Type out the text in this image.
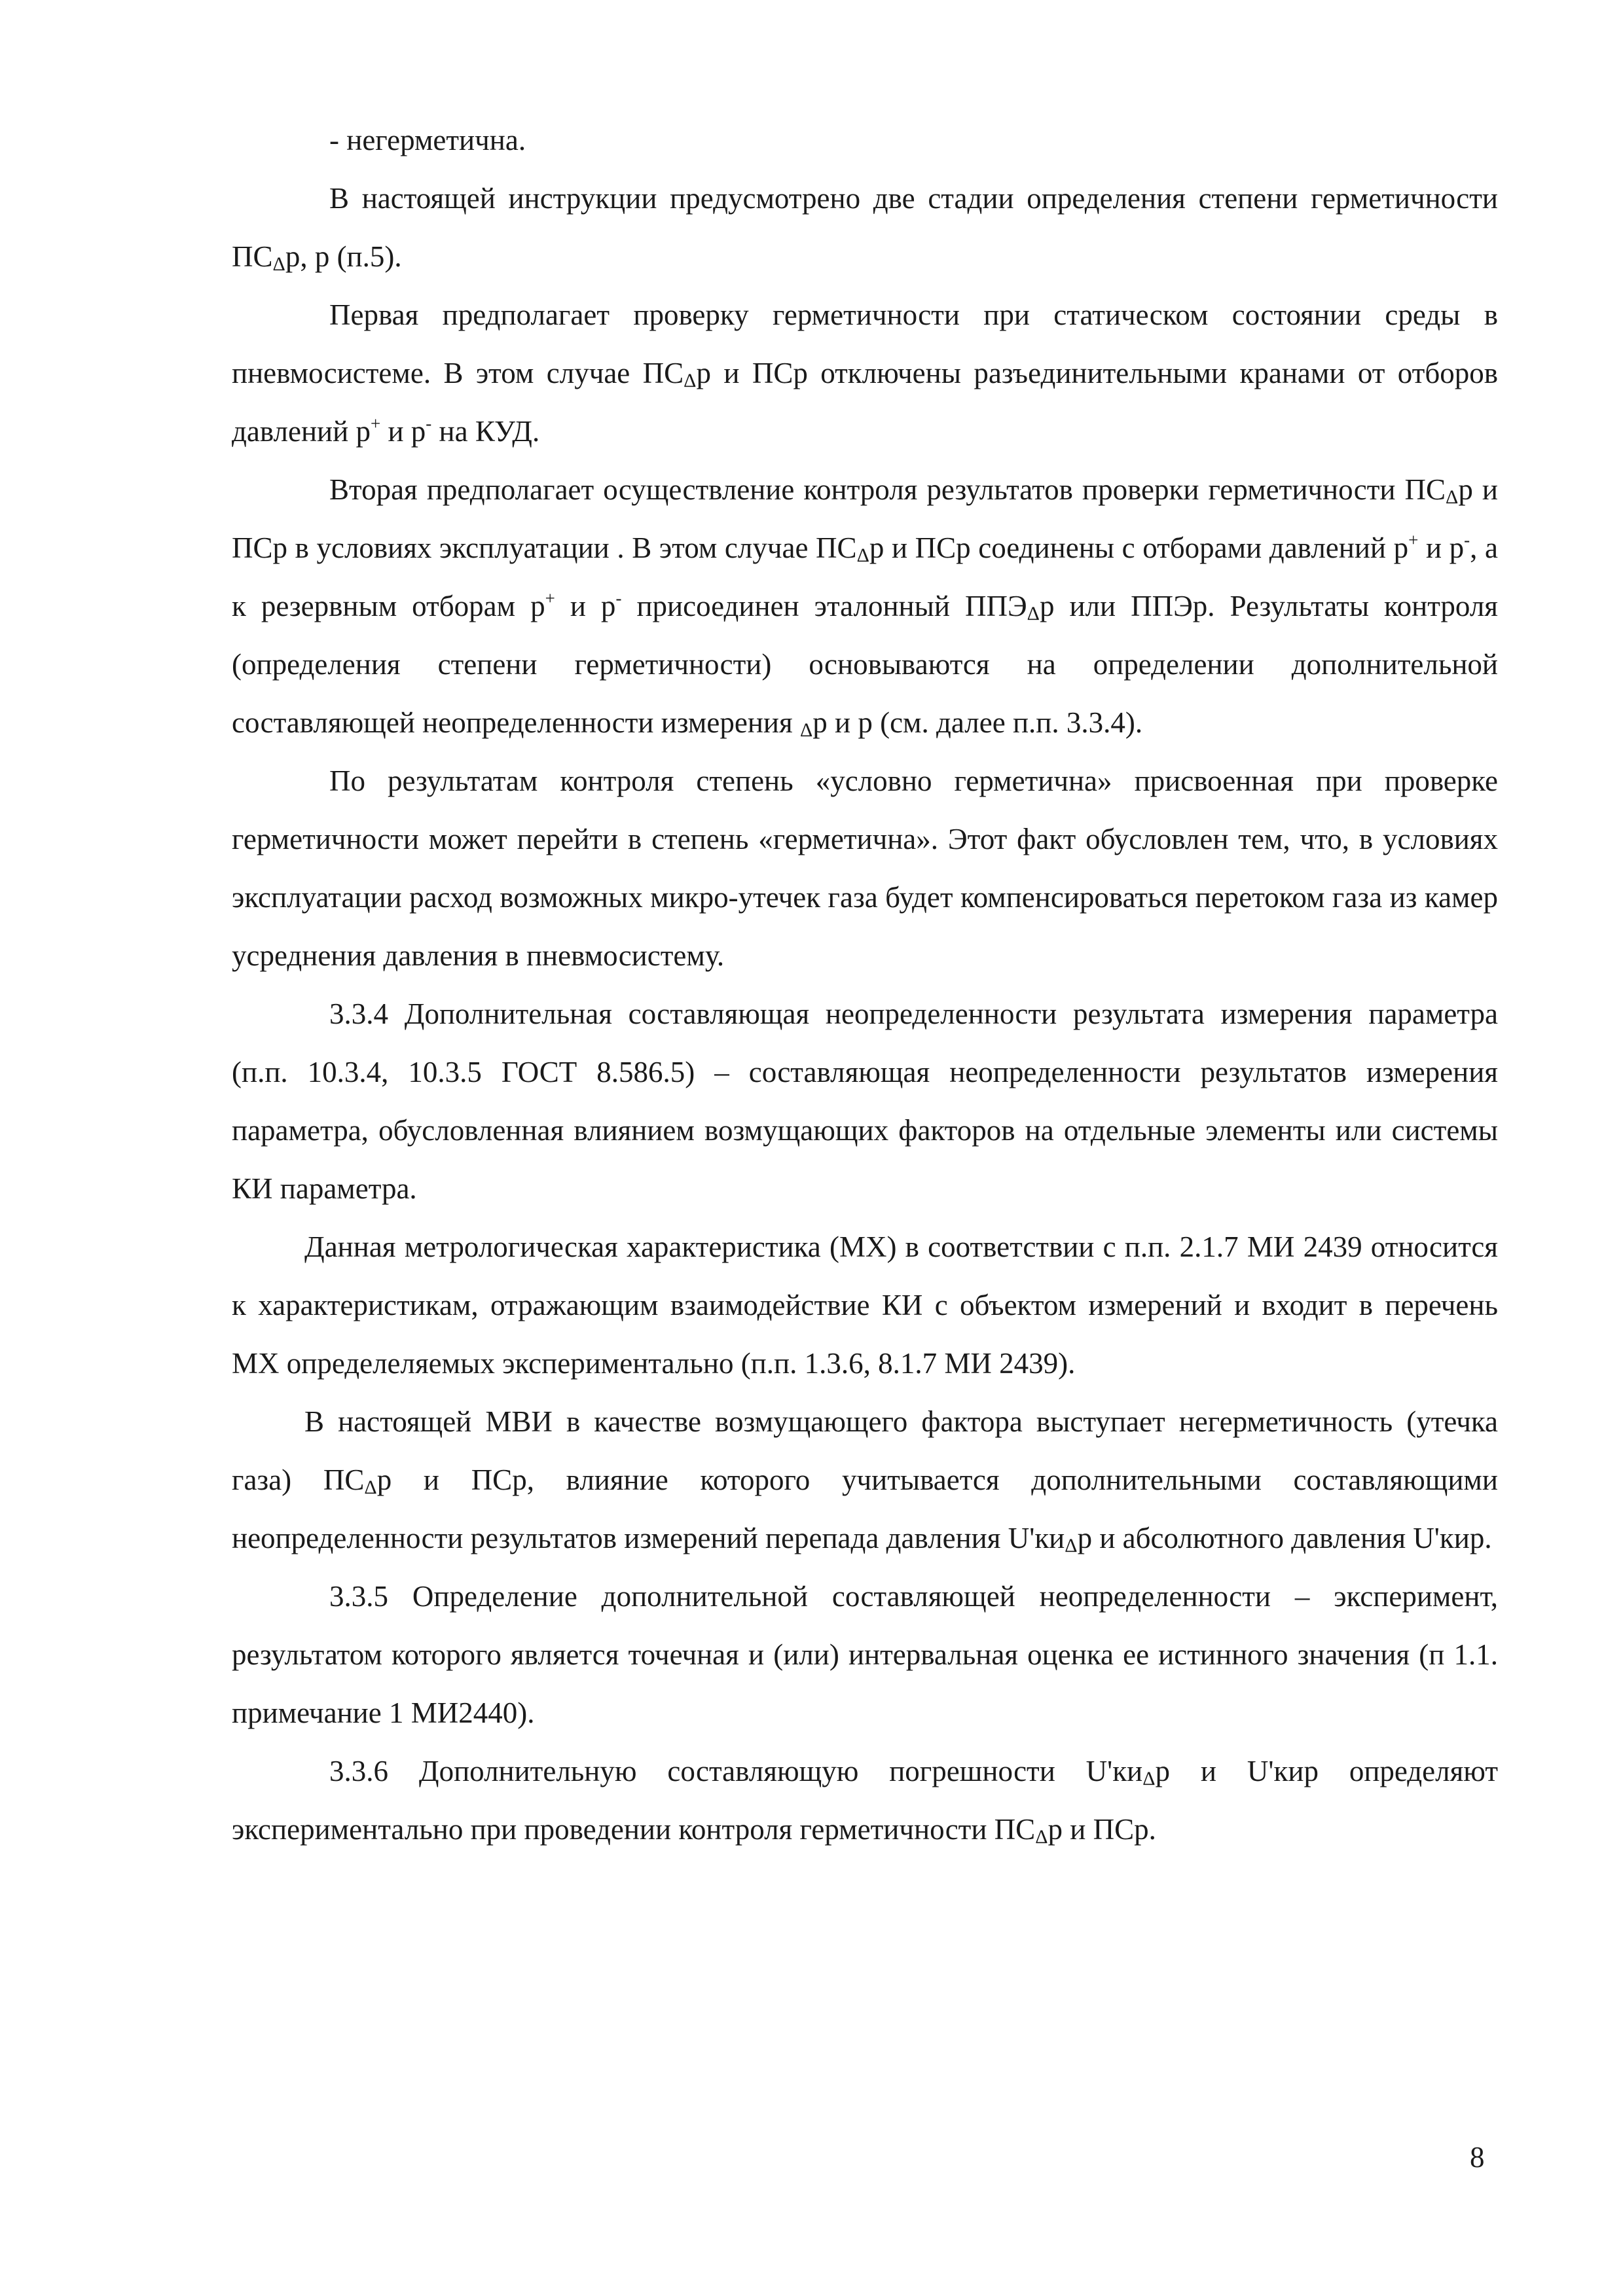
- негерметична.

В настоящей инструкции предусмотрено две стадии определения степени герметичности $ПС_\Delta р$, р (п.5).

Первая предполагает проверку герметичности при статическом состоянии среды в пневмосистеме. В этом случае $ПС_\Delta р$ и ПСр отключены разъединительными кранами от отборов давлений р+ и р- на КУД.

Вторая предполагает осуществление контроля результатов проверки герметичности $ПС_\Delta р$ и ПСр в условиях эксплуатации . В этом случае $ПС_\Delta р$ и ПСр соединены с отборами давлений р+ и р-, а к резервным отборам р+ и р- присоединен эталонный $ППЭ_\Delta р$ или ППЭр. Результаты контроля (определения степени герметичности) основываются на определении дополнительной составляющей неопределенности измерения $_\Delta$р и р (см. далее п.п. 3.3.4).

По результатам контроля степень «условно герметична» присвоенная при проверке герметичности может перейти в степень «герметична». Этот факт обусловлен тем, что, в условиях эксплуатации расход возможных микро-утечек газа будет компенсироваться перетоком газа из камер усреднения давления в пневмосистему.

3.3.4 Дополнительная составляющая неопределенности результата измерения параметра (п.п. 10.3.4, 10.3.5 ГОСТ 8.586.5) – составляющая неопределенности результатов измерения параметра, обусловленная влиянием возмущающих факторов на отдельные элементы или системы КИ параметра.

Данная метрологическая характеристика (МХ) в соответствии с п.п. 2.1.7 МИ 2439 относится к характеристикам, отражающим взаимодействие КИ с объектом измерений и входит в перечень МХ определеляемых экспериментально (п.п. 1.3.6, 8.1.7 МИ 2439).

В настоящей МВИ в качестве возмущающего фактора выступает негерметичность (утечка газа) $ПС_\Delta р$ и ПСр, влияние которого учитывается дополнительными составляющими неопределенности результатов измерений перепада давления $U'ки_\Delta р$ и абсолютного давления U'кир.

3.3.5 Определение дополнительной составляющей неопределенности – эксперимент, результатом которого является точечная и (или) интервальная оценка ее истинного значения (п 1.1. примечание 1 МИ2440).

3.3.6 Дополнительную составляющую погрешности $U'ки_\Delta р$ и U'кир определяют экспериментально при проведении контроля герметичности $ПС_\Delta р$ и ПСр.

8
